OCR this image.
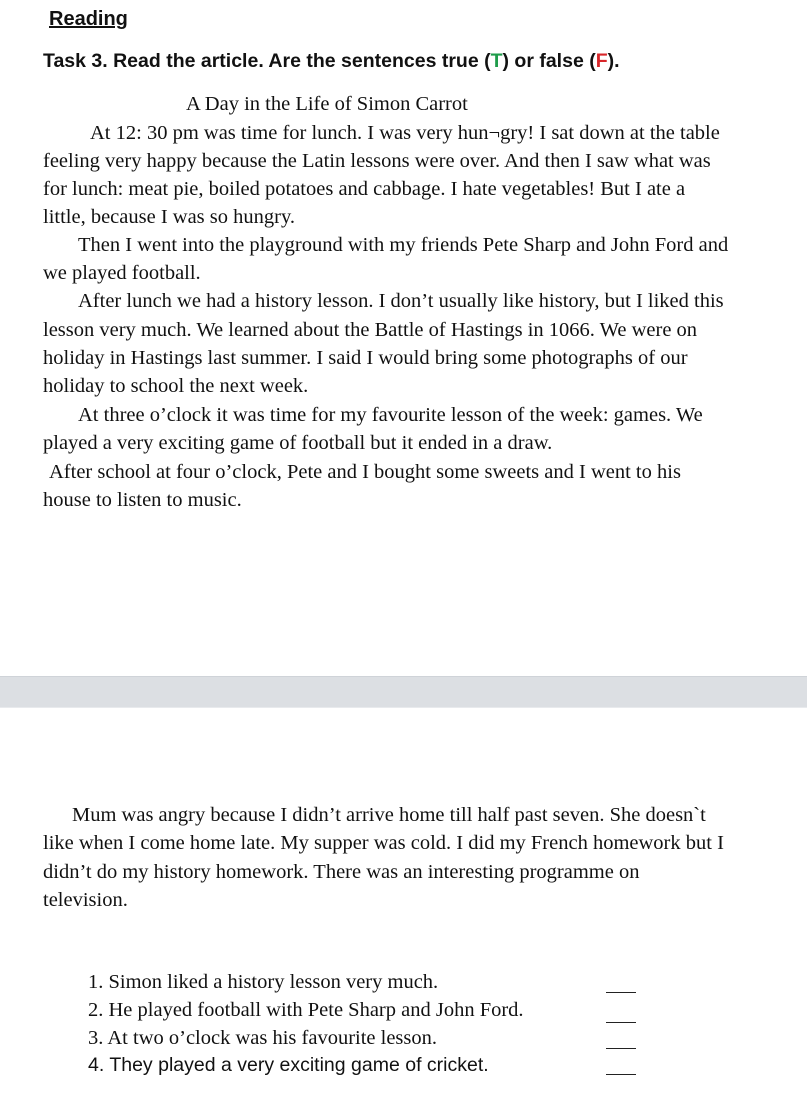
Reading

Task 3. Read the article. Are the sentences true (T) or false (F).

A Day in the Life of Simon Carrot

At 12: 30 pm was time for lunch. I was very hun¬gry! I sat down at the table

feeling very happy because the Latin lessons were over. And then I saw what was

for lunch: meat pie, boiled potatoes and cabbage. I hate vegetables! But I ate a

little, because I was so hungry.

Then I went into the playground with my friends Pete Sharp and John Ford and

we played football.

After lunch we had a history lesson. I don’t usually like history, but I liked this

lesson very much. We learned about the Battle of Hastings in 1066. We were on

holiday in Hastings last summer. I said I would bring some photographs of our

holiday to school the next week.

At three o’clock it was time for my favourite lesson of the week: games. We

played a very exciting game of football but it ended in a draw.

After school at four o’clock, Pete and I bought some sweets and I went to his

house to listen to music.

Mum was angry because I didn’t arrive home till half past seven. She doesn`t

like when I come home late. My supper was cold. I did my French homework but I

didn’t do my history homework. There was an interesting programme on

television.

1. Simon liked a history lesson very much.

2. He played football with Pete Sharp and John Ford.

3. At two o’clock was his favourite lesson.

4. They played a very exciting game of cricket.
